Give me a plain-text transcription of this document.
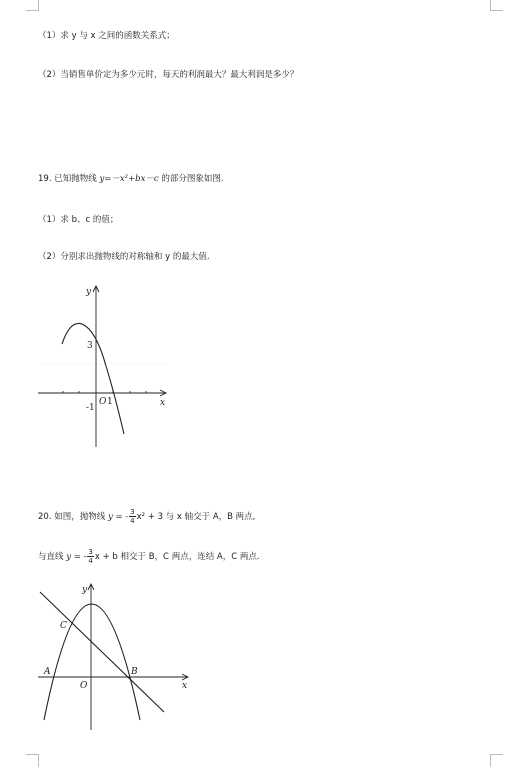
（1）求 y 与 x 之间的函数关系式；
（2）当销售单价定为多少元时，每天的利润最大？最大利润是多少？
19. 已知抛物线 y=－x²+bx－c 的部分图象如图.
（1）求 b、c 的值；
（2）分别求出抛物线的对称轴和 y 的最大值.
y
x
3
-1
O 1
20. 如图，抛物线 y = - $\frac{3}{4} x^2 + 3$ 与 x 轴交于 A，B 两点,
与直线 y = - $\frac{3}{4}$ x + b 相交于 B，C 两点，连结 A，C 两点.
y
x
A	B
C
O
